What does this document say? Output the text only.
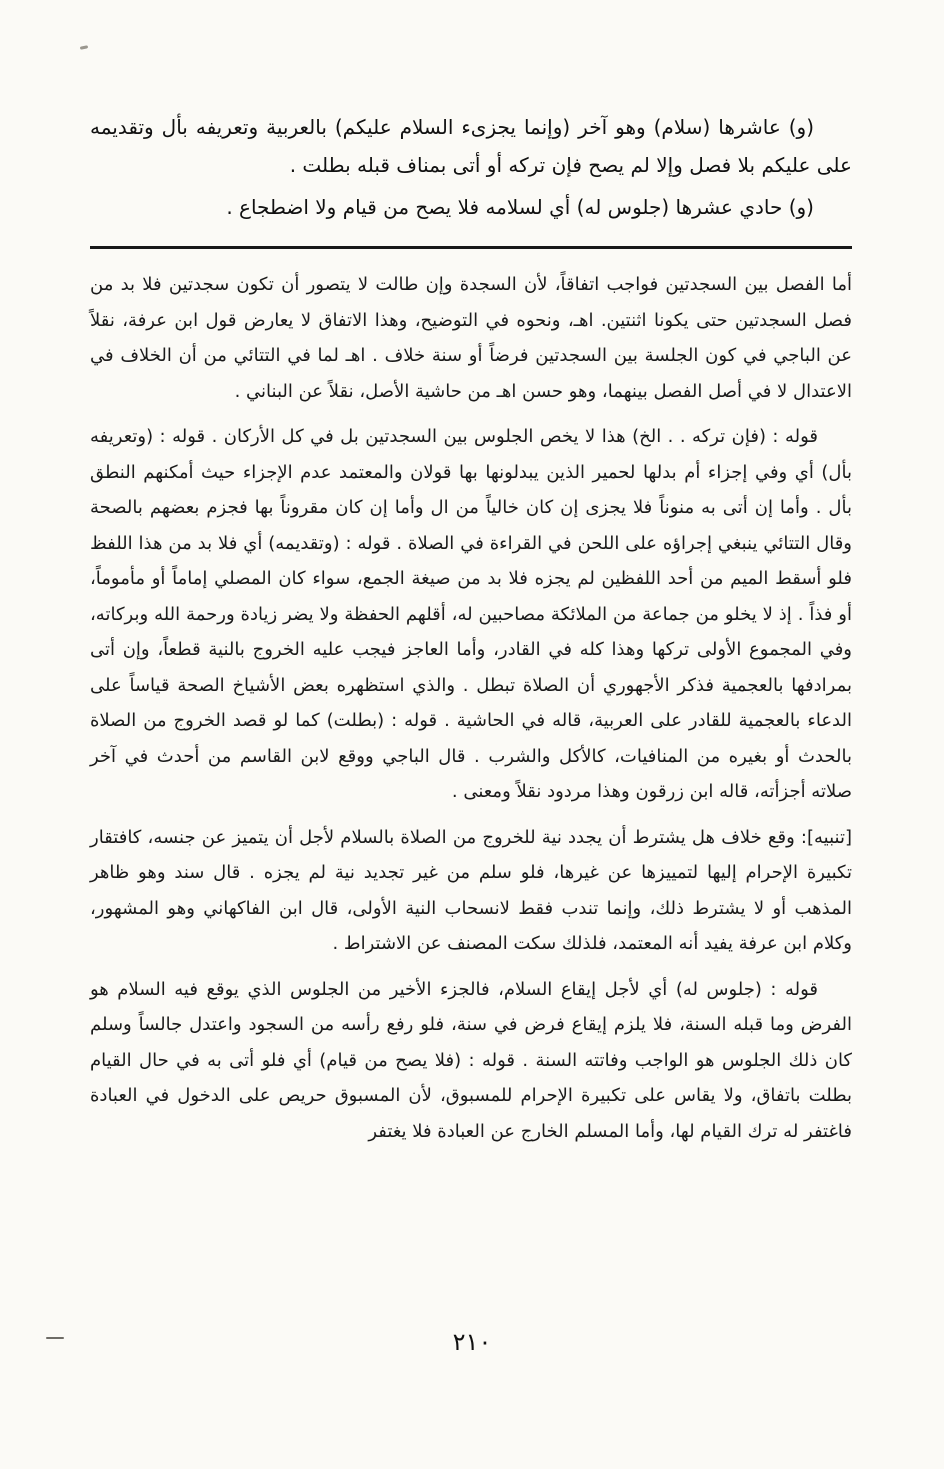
(و) عاشرها (سلام) وهو آخر (وإنما يجزىء السلام عليكم) بالعربية وتعريفه بأل وتقديمه على عليكم بلا فصل وإلا لم يصح فإن تركه أو أتى بمناف قبله بطلت .

(و) حادي عشرها (جلوس له) أي لسلامه فلا يصح من قيام ولا اضطجاع .

أما الفصل بين السجدتين فواجب اتفاقاً، لأن السجدة وإن طالت لا يتصور أن تكون سجدتين فلا بد من فصل السجدتين حتى يكونا اثنتين. اهـ، ونحوه في التوضيح، وهذا الاتفاق لا يعارض قول ابن عرفة، نقلاً عن الباجي في كون الجلسة بين السجدتين فرضاً أو سنة خلاف . اهـ لما في التتائي من أن الخلاف في الاعتدال لا في أصل الفصل بينهما، وهو حسن اهـ من حاشية الأصل، نقلاً عن البناني .

قوله : (فإن تركه . . الخ) هذا لا يخص الجلوس بين السجدتين بل في كل الأركان . قوله : (وتعريفه بأل) أي وفي إجزاء أم بدلها لحمير الذين يبدلونها بها قولان والمعتمد عدم الإجزاء حيث أمكنهم النطق بأل . وأما إن أتى به منوناً فلا يجزى إن كان خالياً من ال وأما إن كان مقروناً بها فجزم بعضهم بالصحة وقال التتائي ينبغي إجراؤه على اللحن في القراءة في الصلاة . قوله : (وتقديمه) أي فلا بد من هذا اللفظ فلو أسقط الميم من أحد اللفظين لم يجزه فلا بد من صيغة الجمع، سواء كان المصلي إماماً أو مأموماً، أو فذاً . إذ لا يخلو من جماعة من الملائكة مصاحبين له، أقلهم الحفظة ولا يضر زيادة ورحمة الله وبركاته، وفي المجموع الأولى تركها وهذا كله في القادر، وأما العاجز فيجب عليه الخروج بالنية قطعاً، وإن أتى بمرادفها بالعجمية فذكر الأجهوري أن الصلاة تبطل . والذي استظهره بعض الأشياخ الصحة قياساً على الدعاء بالعجمية للقادر على العربية، قاله في الحاشية . قوله : (بطلت) كما لو قصد الخروج من الصلاة بالحدث أو بغيره من المنافيات، كالأكل والشرب . قال الباجي ووقع لابن القاسم من أحدث في آخر صلاته أجزأته، قاله ابن زرقون وهذا مردود نقلاً ومعنى .

[تنبيه]: وقع خلاف هل يشترط أن يجدد نية للخروج من الصلاة بالسلام لأجل أن يتميز عن جنسه، كافتقار تكبيرة الإحرام إليها لتمييزها عن غيرها، فلو سلم من غير تجديد نية لم يجزه . قال سند وهو ظاهر المذهب أو لا يشترط ذلك، وإنما تندب فقط لانسحاب النية الأولى، قال ابن الفاكهاني وهو المشهور، وكلام ابن عرفة يفيد أنه المعتمد، فلذلك سكت المصنف عن الاشتراط .

قوله : (جلوس له) أي لأجل إيقاع السلام، فالجزء الأخير من الجلوس الذي يوقع فيه السلام هو الفرض وما قبله السنة، فلا يلزم إيقاع فرض في سنة، فلو رفع رأسه من السجود واعتدل جالساً وسلم كان ذلك الجلوس هو الواجب وفاتته السنة . قوله : (فلا يصح من قيام) أي فلو أتى به في حال القيام بطلت باتفاق، ولا يقاس على تكبيرة الإحرام للمسبوق، لأن المسبوق حريص على الدخول في العبادة فاغتفر له ترك القيام لها، وأما المسلم الخارج عن العبادة فلا يغتفر

٢١٠
